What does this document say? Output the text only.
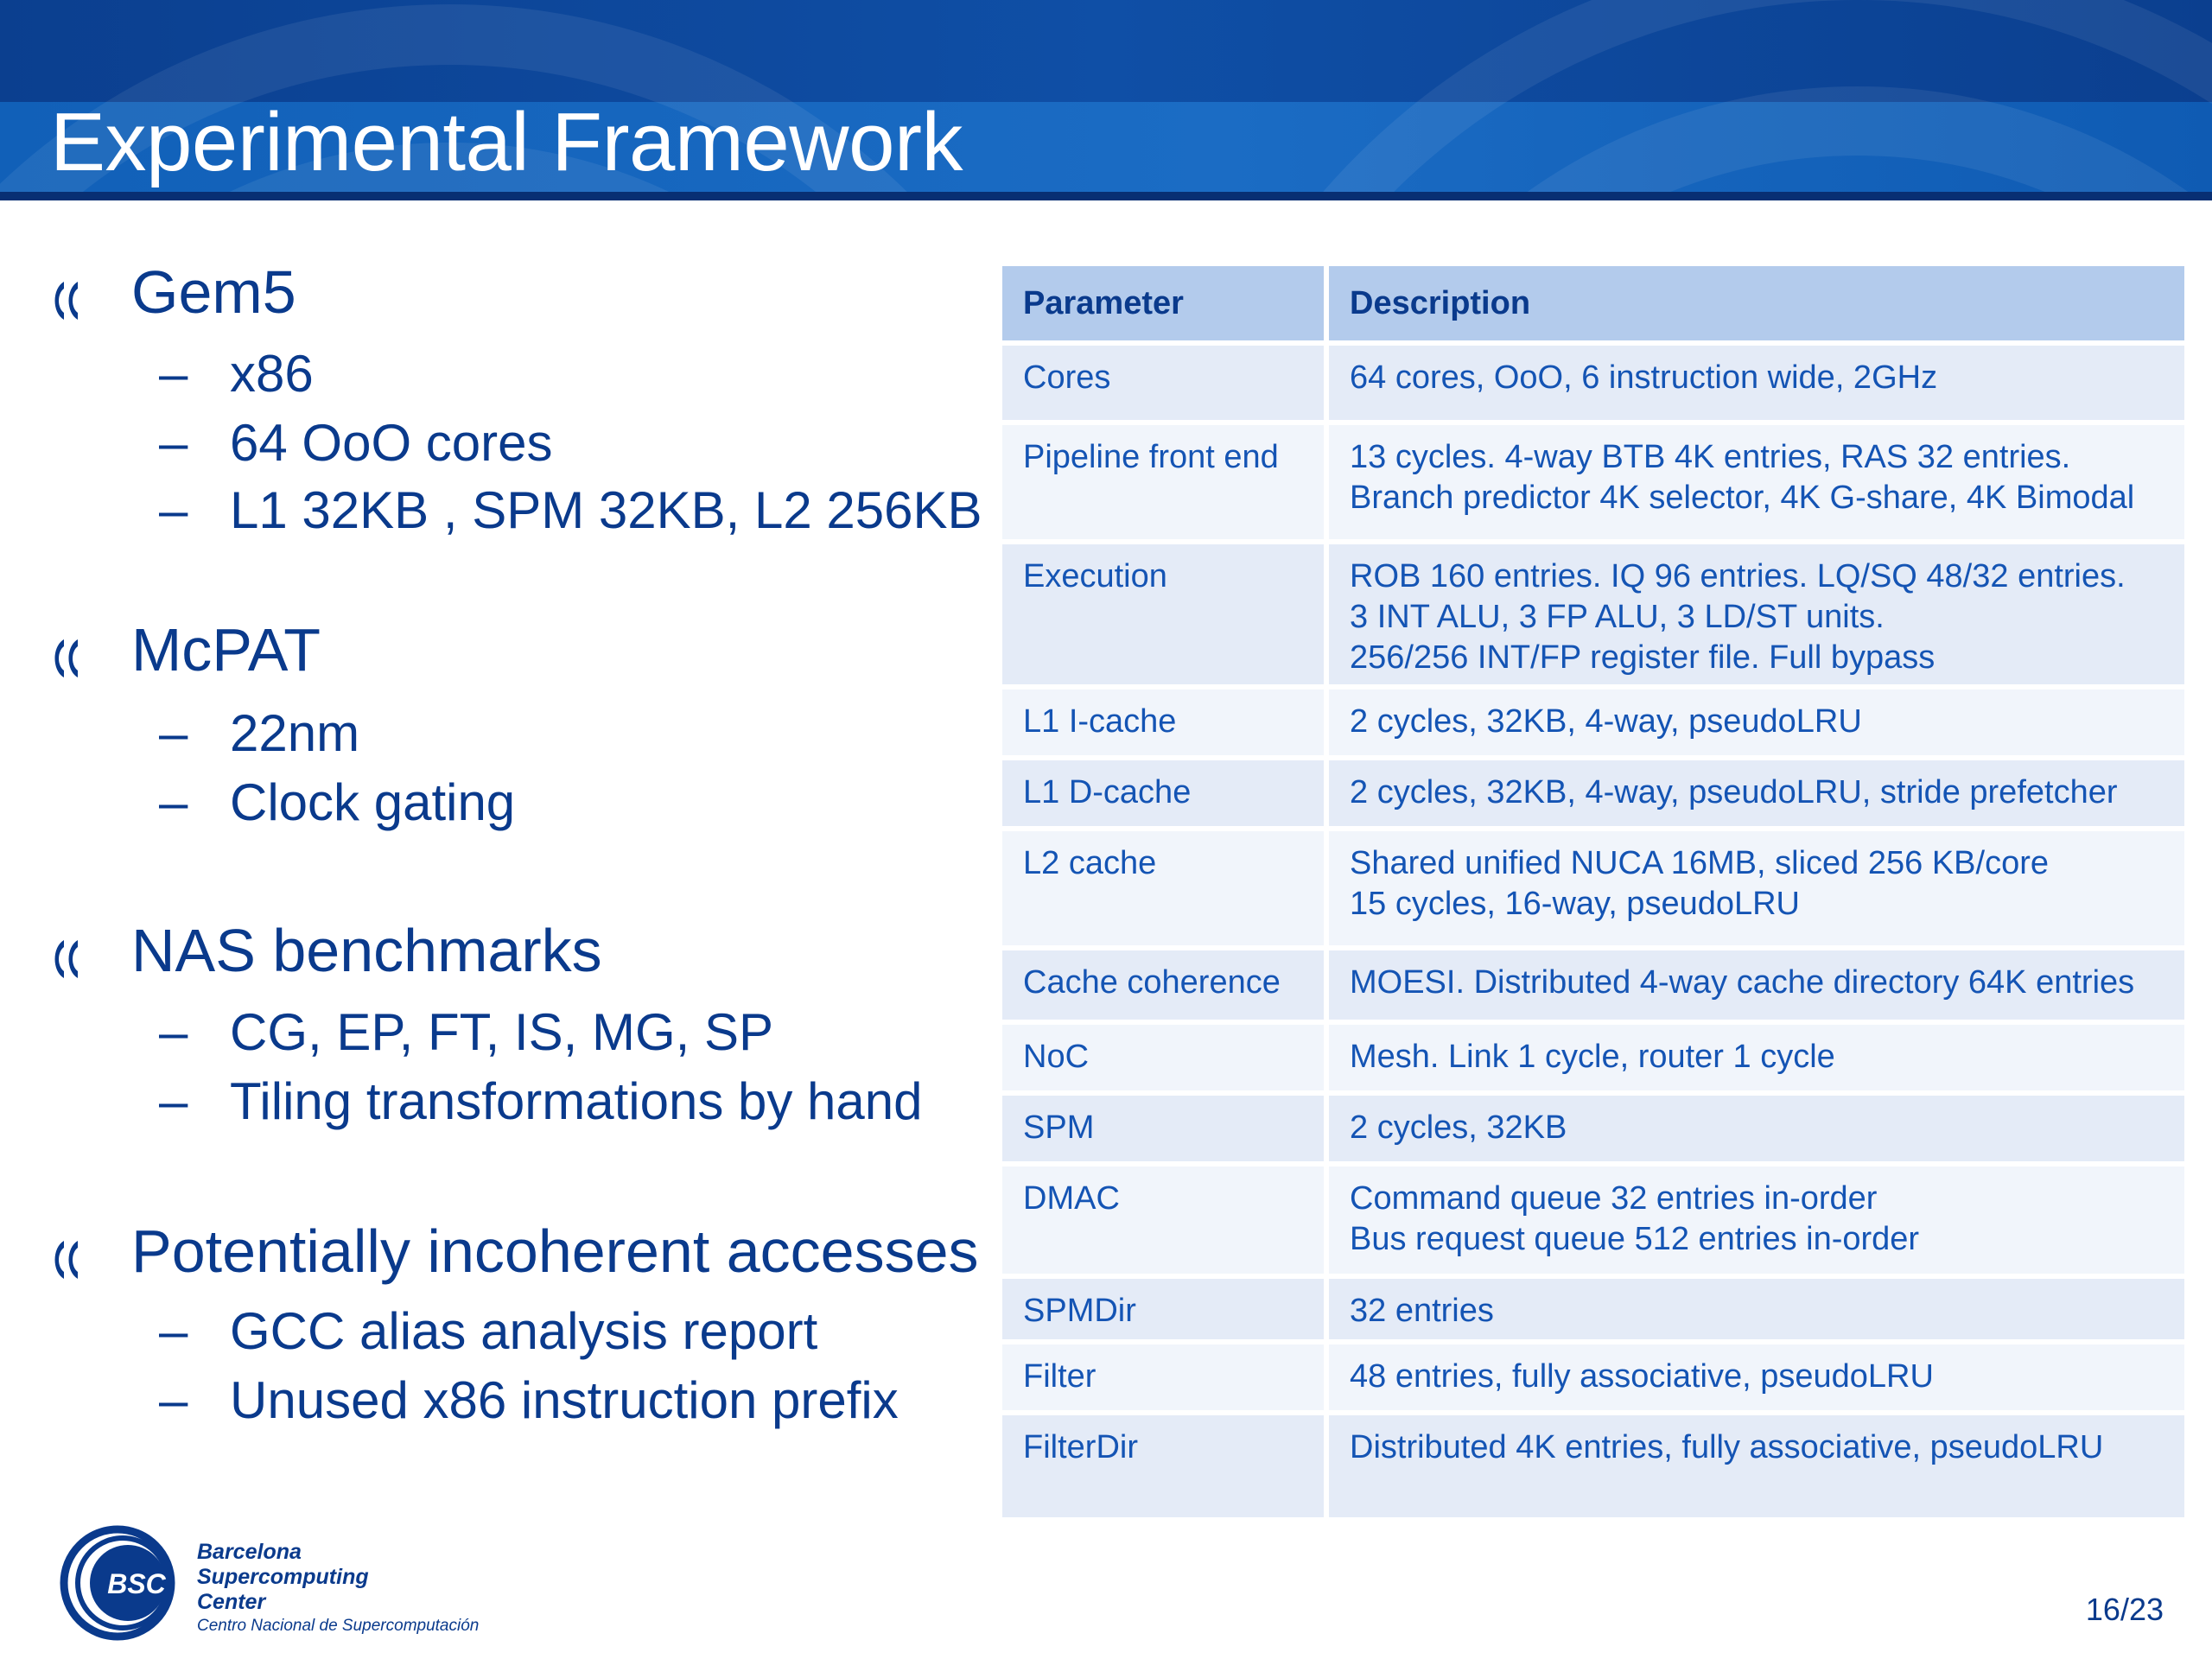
Experimental Framework
Gem5
– x86
– 64 OoO cores
– L1 32KB , SPM 32KB, L2 256KB
McPAT
– 22nm
– Clock gating
NAS benchmarks
– CG, EP, FT, IS, MG, SP
– Tiling transformations by hand
Potentially incoherent accesses
– GCC alias analysis report
– Unused x86 instruction prefix
Parameter	Description
Cores	64 cores, OoO, 6 instruction wide, 2GHz

Pipeline front end	13 cycles. 4-way BTB 4K entries, RAS 32 entries.
Branch predictor 4K selector, 4K G-share, 4K Bimodal

Execution	ROB 160 entries. IQ 96 entries. LQ/SQ 48/32 entries.
3 INT ALU, 3 FP ALU, 3 LD/ST units.
256/256 INT/FP register file. Full bypass

L1 I-cache	2 cycles, 32KB, 4-way, pseudoLRU

L1 D-cache	2 cycles, 32KB, 4-way, pseudoLRU, stride prefetcher

L2 cache	Shared unified NUCA 16MB, sliced 256 KB/core
15 cycles, 16-way, pseudoLRU

Cache coherence	MOESI. Distributed 4-way cache directory 64K entries

NoC	Mesh. Link 1 cycle, router 1 cycle

SPM	2 cycles, 32KB

DMAC	Command queue 32 entries in-order
Bus request queue 512 entries in-order

SPMDir	32 entries

Filter	48 entries, fully associative, pseudoLRU

FilterDir	Distributed 4K entries, fully associative, pseudoLRU
BSC
Barcelona
Supercomputing
Center
Centro Nacional de Supercomputación	16/23
